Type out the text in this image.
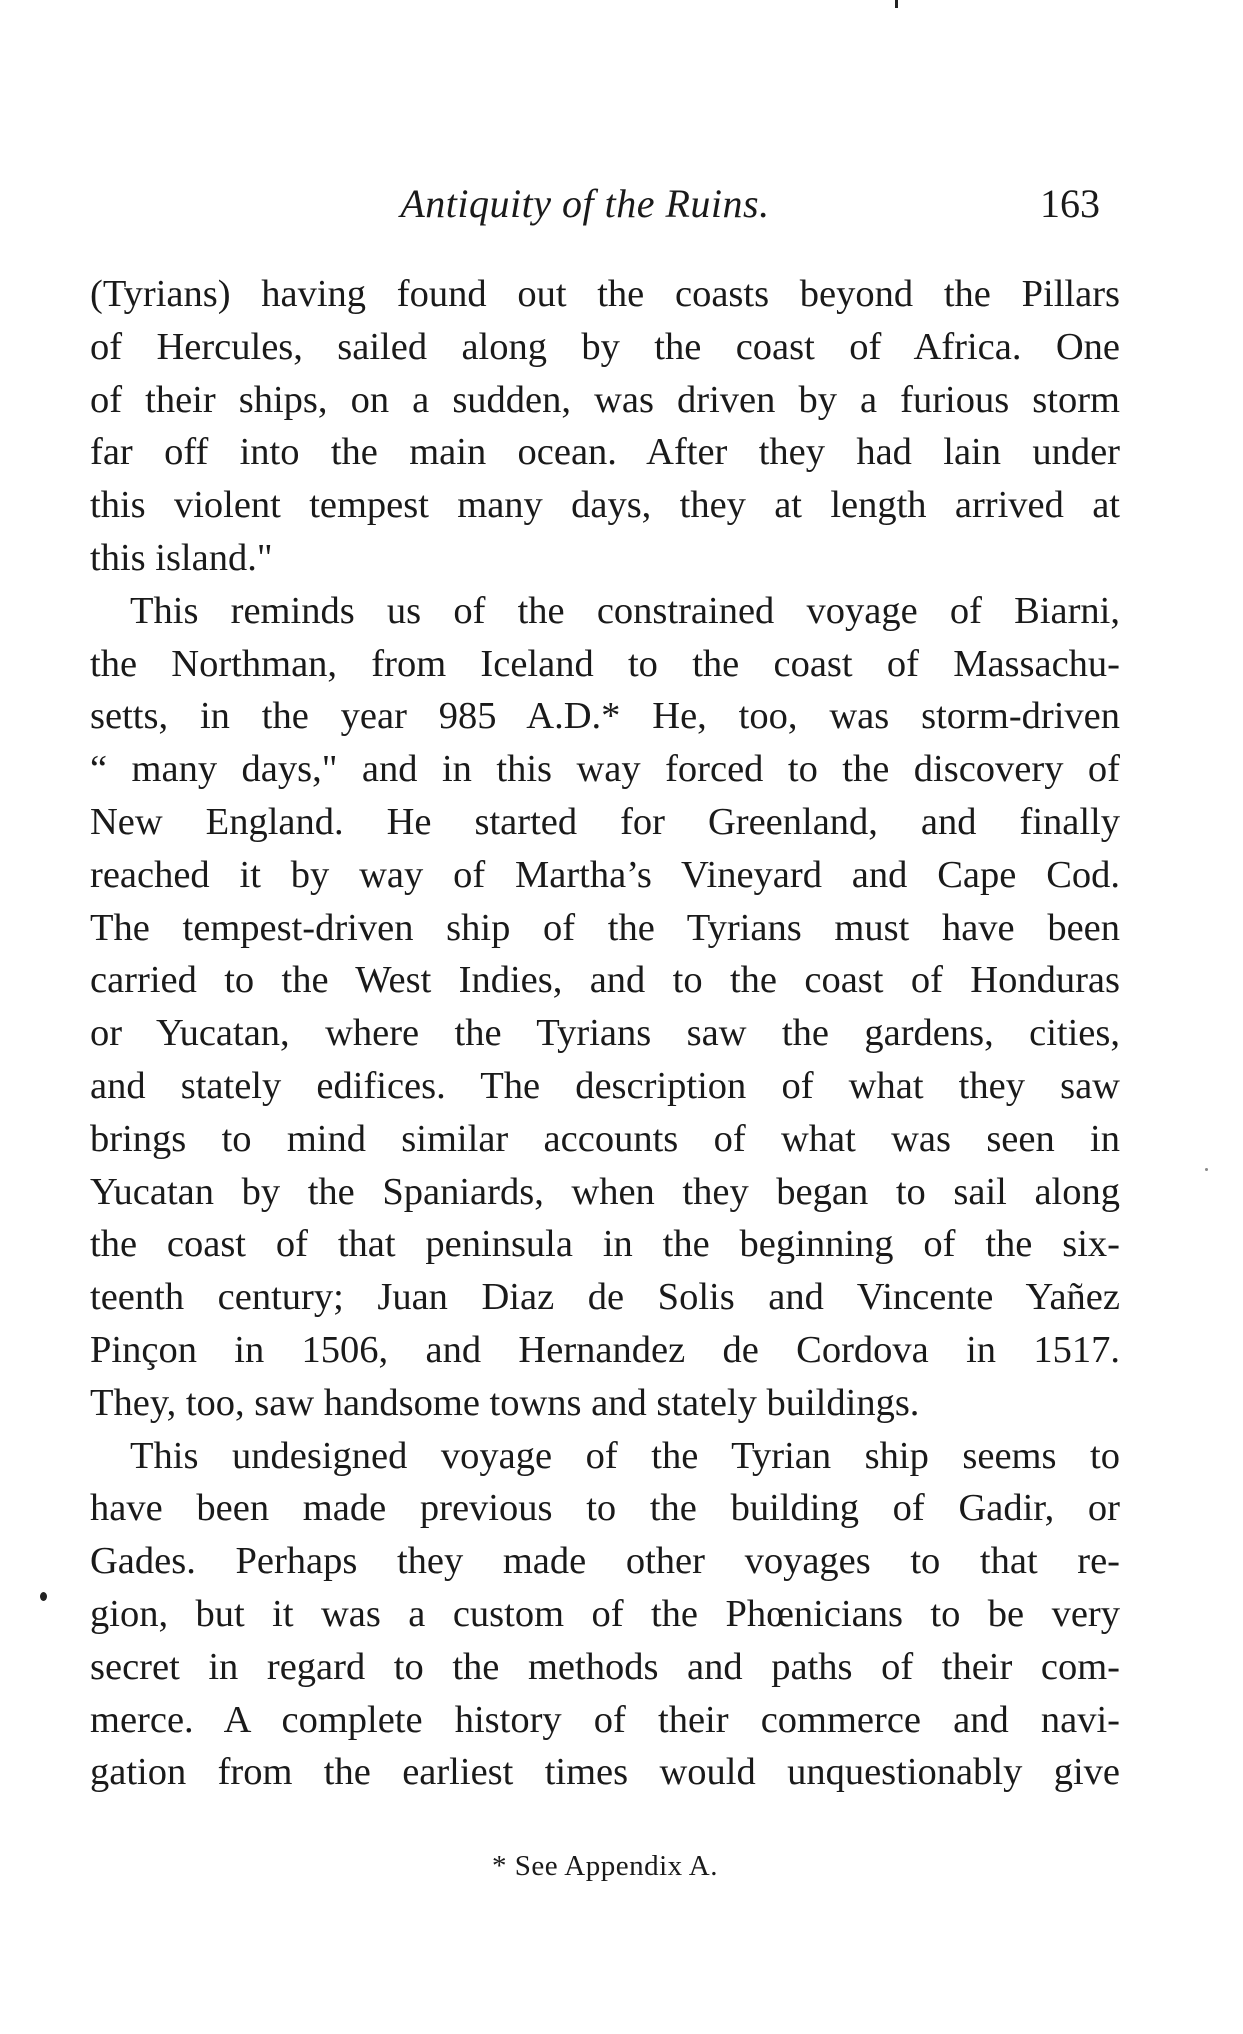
Antiquity of the Ruins.	163
(Tyrians) having found out the coasts beyond the Pillars
of Hercules, sailed along by the coast of Africa. One
of their ships, on a sudden, was driven by a furious storm
far off into the main ocean. After they had lain under
this violent tempest many days, they at length arrived at
this island."
This reminds us of the constrained voyage of Biarni,
the Northman, from Iceland to the coast of Massachu-
setts, in the year 985 A.D.* He, too, was storm-driven
“ many days," and in this way forced to the discovery of
New England. He started for Greenland, and finally
reached it by way of Martha’s Vineyard and Cape Cod.
The tempest-driven ship of the Tyrians must have been
carried to the West Indies, and to the coast of Honduras
or Yucatan, where the Tyrians saw the gardens, cities,
and stately edifices. The description of what they saw
brings to mind similar accounts of what was seen in
Yucatan by the Spaniards, when they began to sail along
the coast of that peninsula in the beginning of the six-
teenth century; Juan Diaz de Solis and Vincente Yañez
Pinçon in 1506, and Hernandez de Cordova in 1517.
They, too, saw handsome towns and stately buildings.
This undesigned voyage of the Tyrian ship seems to
have been made previous to the building of Gadir, or
Gades. Perhaps they made other voyages to that re-
gion, but it was a custom of the Phœnicians to be very
secret in regard to the methods and paths of their com-
merce. A complete history of their commerce and navi-
gation from the earliest times would unquestionably give
* See Appendix A.
